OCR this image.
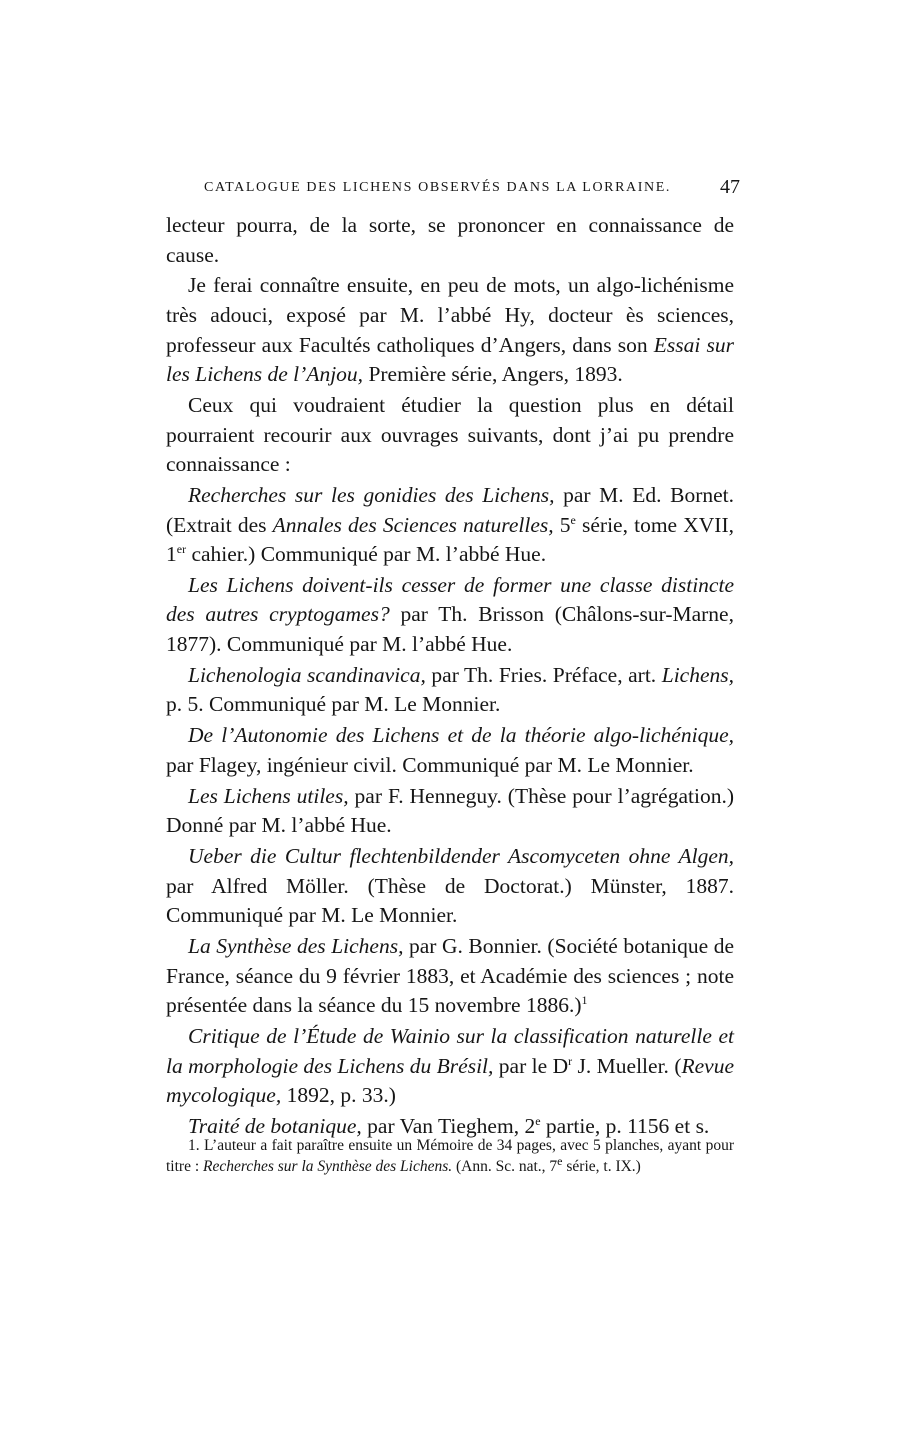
CATALOGUE DES LICHENS OBSERVÉS DANS LA LORRAINE. 47

lecteur pourra, de la sorte, se prononcer en connaissance de cause.

Je ferai connaître ensuite, en peu de mots, un algo-lichénisme très adouci, exposé par M. l’abbé Hy, docteur ès sciences, professeur aux Facultés catholiques d’Angers, dans son Essai sur les Lichens de l’Anjou, Première série, Angers, 1893.

Ceux qui voudraient étudier la question plus en détail pourraient recourir aux ouvrages suivants, dont j’ai pu prendre connaissance :

Recherches sur les gonidies des Lichens, par M. Ed. Bornet. (Extrait des Annales des Sciences naturelles, 5e série, tome XVII, 1er cahier.) Communiqué par M. l’abbé Hue.

Les Lichens doivent-ils cesser de former une classe distincte des autres cryptogames? par Th. Brisson (Châlons-sur-Marne, 1877). Communiqué par M. l’abbé Hue.

Lichenologia scandinavica, par Th. Fries. Préface, art. Lichens, p. 5. Communiqué par M. Le Monnier.

De l’Autonomie des Lichens et de la théorie algo-lichénique, par Flagey, ingénieur civil. Communiqué par M. Le Monnier.

Les Lichens utiles, par F. Henneguy. (Thèse pour l’agrégation.) Donné par M. l’abbé Hue.

Ueber die Cultur flechtenbildender Ascomyceten ohne Algen, par Alfred Möller. (Thèse de Doctorat.) Münster, 1887. Communiqué par M. Le Monnier.

La Synthèse des Lichens, par G. Bonnier. (Société botanique de France, séance du 9 février 1883, et Académie des sciences ; note présentée dans la séance du 15 novembre 1886.)$^1$

Critique de l’Étude de Wainio sur la classification naturelle et la morphologie des Lichens du Brésil, par le $D^r$ J. Mueller. (Revue mycologique, 1892, p. 33.)

Traité de botanique, par Van Tieghem, 2e partie, p. 1156 et s.

1. L’auteur a fait paraître ensuite un Mémoire de 34 pages, avec 5 planches, ayant pour titre : Recherches sur la Synthèse des Lichens. (Ann. Sc. nat., 7e série, t. IX.)
